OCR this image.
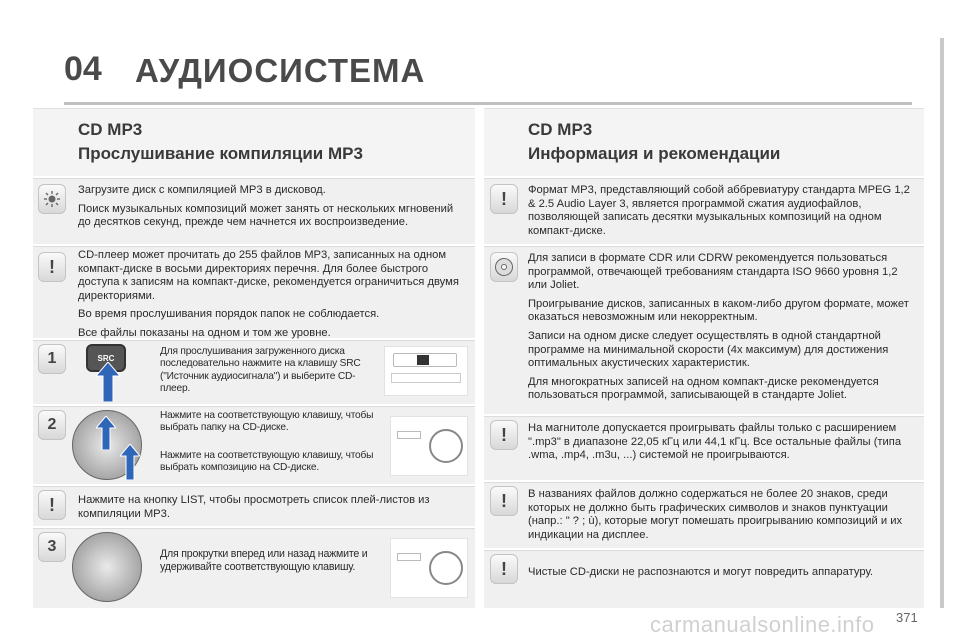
04 АУДИОСИСТЕМА
CD MP3
Прослушивание компиляции MP3

Загрузите диск с компиляцией MP3 в дисковод.

Поиск музыкальных композиций может занять от нескольких мгновений до десятков секунд, прежде чем начнется их воспроизведение.

!

CD-плеер может прочитать до 255 файлов MP3, записанных на одном компакт-диске в восьми директориях перечня. Для более быстрого доступа к записям на компакт-диске, рекомендуется ограничиться двумя директориями.

Во время прослушивания порядок папок не соблюдается.

Все файлы показаны на одном и том же уровне.

1	SRC
Для прослушивания загруженного диска последовательно нажмите на клавишу SRC ("Источник аудиосигнала") и выберите CD-плеер.
2
Нажмите на соответствующую клавишу, чтобы выбрать папку на CD-диске.
Нажмите на соответствующую клавишу, чтобы выбрать композицию на CD-диске.
!	Нажмите на кнопку LIST, чтобы просмотреть список плей-листов из компиляции MP3.
3	Для прокрутки вперед или назад нажмите и удерживайте соответствующую клавишу.
CD MP3
Информация и рекомендации
!	Формат MP3, представляющий собой аббревиатуру стандарта MPEG 1,2 & 2.5 Audio Layer 3, является программой сжатия аудиофайлов, позволяющей записать десятки музыкальных композиций на одном компакт-диске.

Для записи в формате CDR или CDRW рекомендуется пользоваться программой, отвечающей требованиям стандарта ISO 9660 уровня 1,2 или Joliet.

Проигрывание дисков, записанных в каком-либо другом формате, может оказаться невозможным или некорректным.

Записи на одном диске следует осуществлять в одной стандартной программе на минимальной скорости (4x максимум) для достижения оптимальных акустических характеристик.

Для многократных записей на одном компакт-диске рекомендуется пользоваться программой, записывающей в стандарте Joliet.

!	На магнитоле допускается проигрывать файлы только с расширением ".mp3" в диапазоне 22,05 кГц или 44,1 кГц. Все остальные файлы (типа .wma, .mp4, .m3u, ...) системой не проигрываются.
!	В названиях файлов должно содержаться не более 20 знаков, среди которых не должно быть графических символов и знаков пунктуации (напр.: " ? ; ù), которые могут помешать проигрыванию композиций и их индикации на дисплее.
!	Чистые CD-диски не распознаются и могут повредить аппаратуру.
carmanualsonline.info 371
